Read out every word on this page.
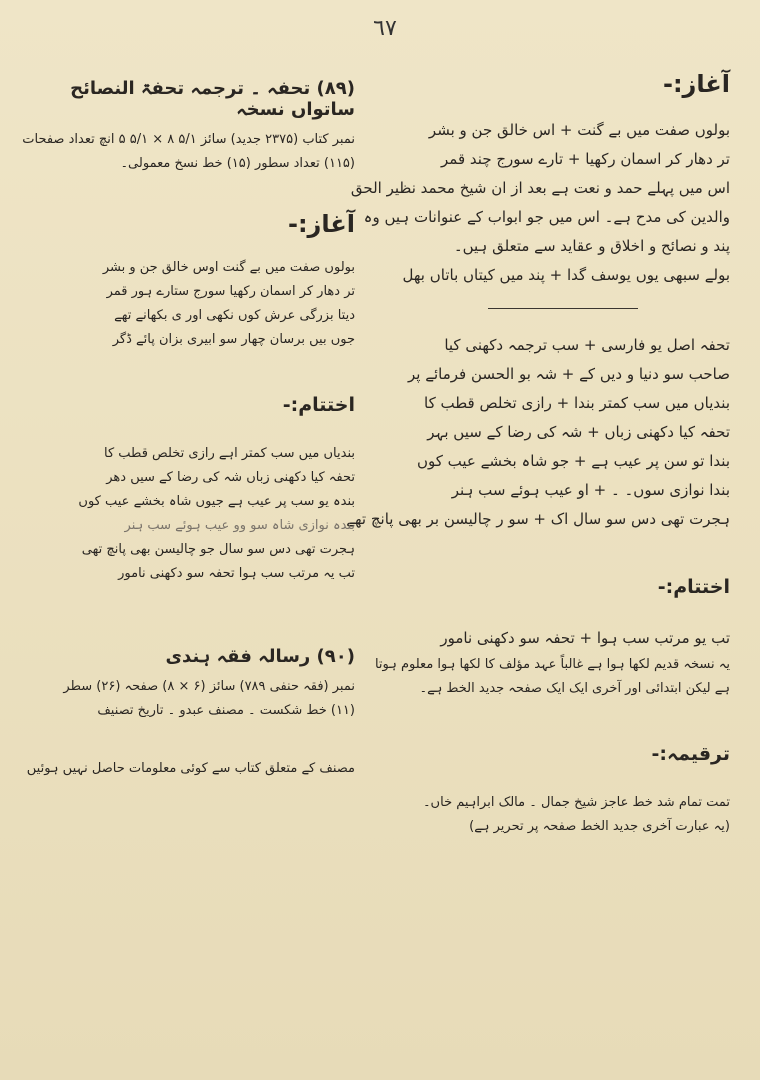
٦٧
آغاز:-
بولوں صفت میں بے گنت + اس خالق جن و بشر
تر دھار کر اسمان رکھیا + تارے سورج چند قمر
اس میں پہلے حمد و نعت ہے بعد از ان شیخ محمد نظیر الحق
والدین کی مدح ہے۔ اس میں جو ابواب کے عنوانات ہیں وہ
پند و نصائح و اخلاق و عقاید سے متعلق ہیں۔
بولے سبھی یوں یوسف گدا + پند میں کیتاں باتاں بھل
تحفہ اصل یو فارسی + سب ترجمہ دکھنی کیا
صاحب سو دنیا و دیں کے + شہ بو الحسن فرمائے پر
بندیاں میں سب کمتر بندا + رازی تخلص قطب کا
تحفہ کیا دکھنی زباں + شہ کی رضا کے سیں بہر
بندا تو سن پر عیب ہے + جو شاہ بخشے عیب کوں
بندا نوازی سوں۔ ۔ + او عیب ہوئے سب ہنر
ہجرت تھی دس سو سال اک + سو ر چالیسن بر بھی پانچ تھے
اختتام:-
تب یو مرتب سب ہوا + تحفہ سو دکھنی نامور
یہ نسخہ قدیم لکھا ہوا ہے غالباً عہد مؤلف کا لکھا ہوا معلوم ہوتا
ہے لیکن ابتدائی اور آخری ایک ایک صفحہ جدید الخط ہے۔
ترقیمہ:-
تمت تمام شد خط عاجز شیخ جمال ۔ مالک ابراہیم خاں۔
(یہ عبارت آخری جدید الخط صفحہ پر تحریر ہے)
(۸۹) تحفہ ۔ ترجمہ تحفۃ النصائح ساتواں نسخہ
نمبر کتاب (۲۳۷۵ جدید) سائز ۵/۱ ۸ × ۵/۱ ۵ انچ تعداد صفحات
(۱۱۵) تعداد سطور (۱۵) خط نسخ معمولی۔
آغاز:-
بولوں صفت میں بے گنت اوس خالق جن و بشر
تر دھار کر اسمان رکھیا سورج ستارے ہور قمر
دیتا بزرگی عرش کوں نکھی اور ی بکھانے تھے
جوں بیں برسان چھار سو ابیری بزان پائے ڈگر
اختتام:-
بندیاں میں سب کمتر اہے رازی تخلص قطب کا
تحفہ کیا دکھنی زباں شہ کی رضا کے سیں دھر
بندہ یو سب پر عیب ہے جیوں شاہ بخشے عیب کوں
بندہ نوازی شاہ سو وو عیب ہوئے سب ہنر
ہجرت تھی دس سو سال جو چالیسن بھی پانچ تھی
تب یہ مرتب سب ہوا تحفہ سو دکھنی نامور
(۹۰) رسالہ فقہ ہندی
نمبر (فقہ حنفی ۷۸۹) سائز (۶ × ۸) صفحہ (۲۶) سطر
(۱۱) خط شکست ۔ مصنف عبدو ۔ تاریخ تصنیف
مصنف کے متعلق کتاب سے کوئی معلومات حاصل نہیں ہوئیں
